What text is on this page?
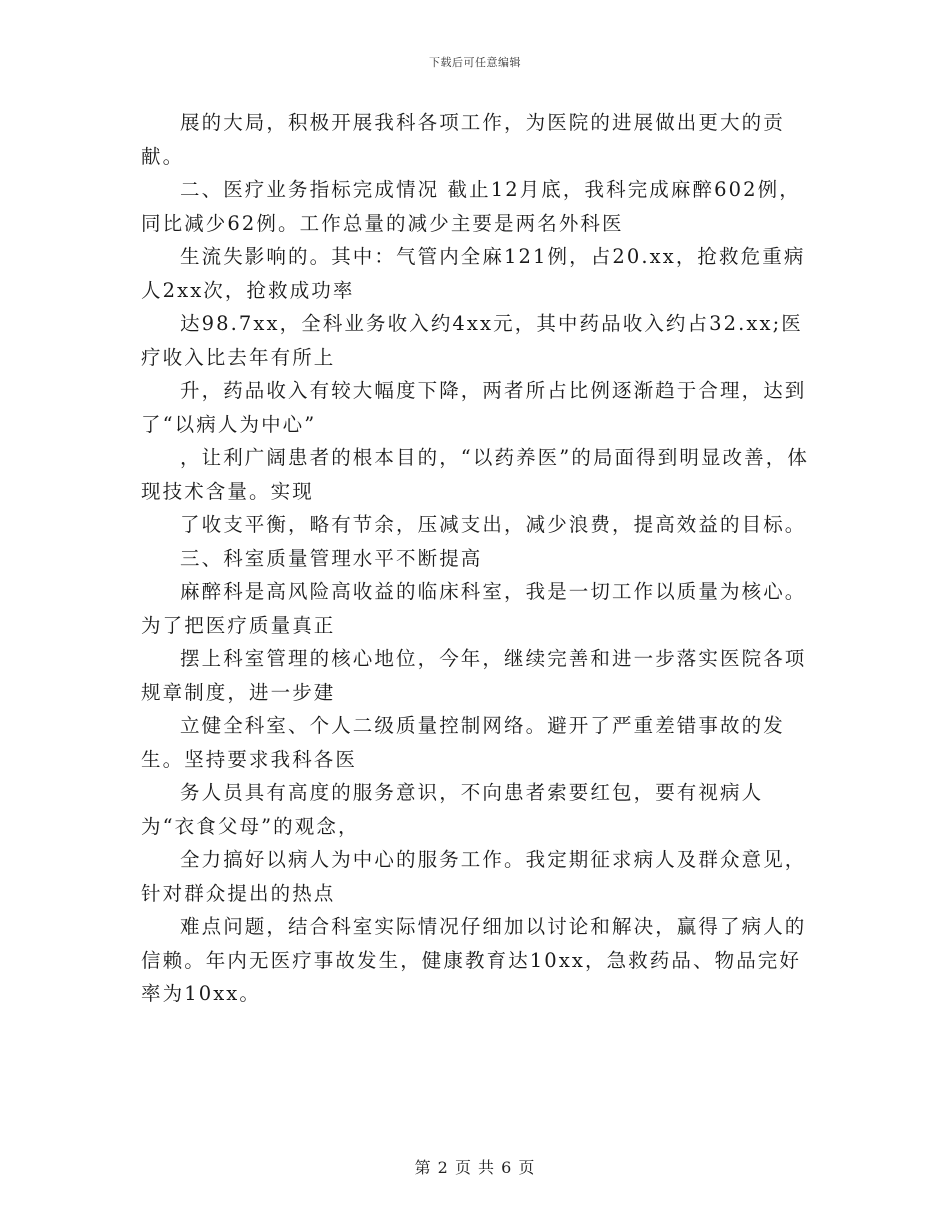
下载后可任意编辑

展的大局，积极开展我科各项工作，为医院的进展做出更大的贡献。

二、医疗业务指标完成情况 截止12月底，我科完成麻醉602例，同比减少62例。工作总量的减少主要是两名外科医

生流失影响的。其中：气管内全麻121例，占20.xx，抢救危重病人2xx次，抢救成功率

达98.7xx，全科业务收入约4xx元，其中药品收入约占32.xx;医疗收入比去年有所上

升，药品收入有较大幅度下降，两者所占比例逐渐趋于合理，达到了“以病人为中心”

，让利广阔患者的根本目的，“以药养医”的局面得到明显改善，体现技术含量。实现

了收支平衡，略有节余，压减支出，减少浪费，提高效益的目标。

三、科室质量管理水平不断提高

麻醉科是高风险高收益的临床科室，我是一切工作以质量为核心。为了把医疗质量真正

摆上科室管理的核心地位，今年，继续完善和进一步落实医院各项规章制度，进一步建

立健全科室、个人二级质量控制网络。避开了严重差错事故的发生。坚持要求我科各医

务人员具有高度的服务意识，不向患者索要红包，要有视病人为“衣食父母”的观念，

全力搞好以病人为中心的服务工作。我定期征求病人及群众意见，针对群众提出的热点

难点问题，结合科室实际情况仔细加以讨论和解决，赢得了病人的信赖。年内无医疗事故发生，健康教育达10xx，急救药品、物品完好率为10xx。

第 2 页 共 6 页
